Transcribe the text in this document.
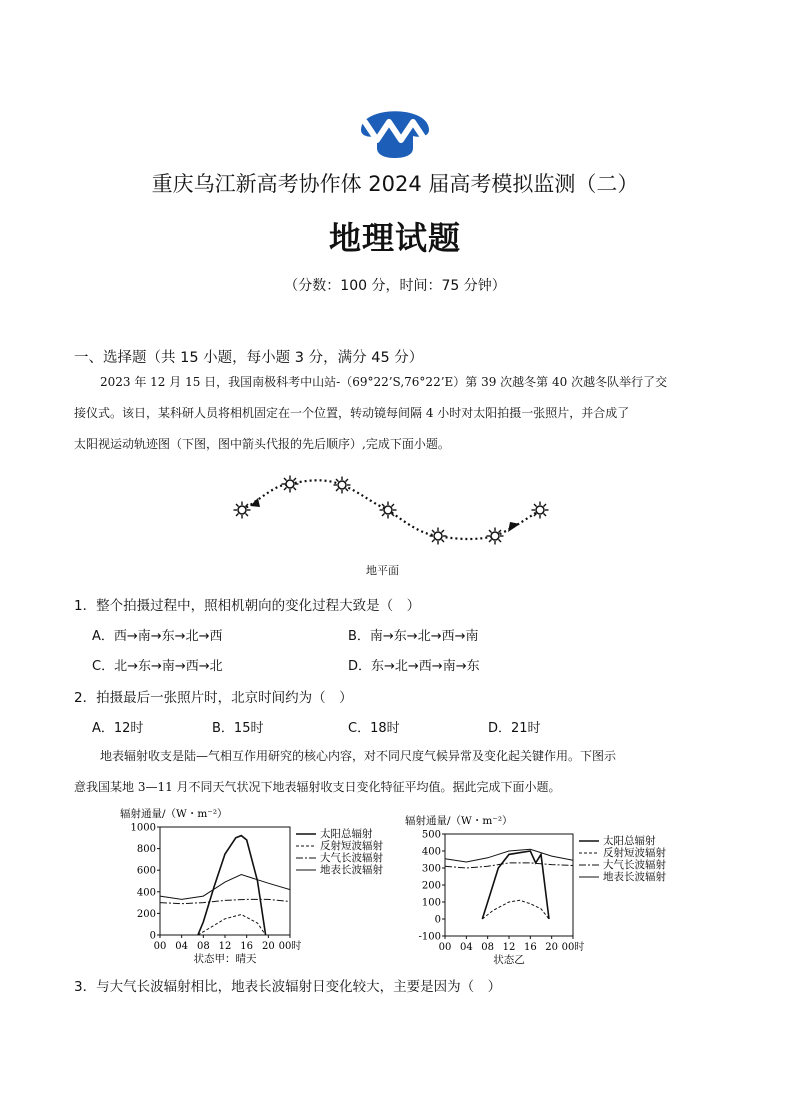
重庆乌江新高考协作体 2024 届高考模拟监测（二）
地理试题
（分数：100 分，时间：75 分钟）
一、选择题（共 15 小题，每小题 3 分，满分 45 分）
2023 年 12 月 15 日，我国南极科考中山站-（69°22’S,76°22’E）第 39 次越冬第 40 次越冬队举行了交
接仪式。该日，某科研人员将相机固定在一个位置，转动镜每间隔 4 小时对太阳拍摄一张照片，并合成了
太阳视运动轨迹图（下图，图中箭头代报的先后顺序）,完成下面小题。
地平面
1．整个拍摄过程中，照相机朝向的变化过程大致是（　）
A．西→南→东→北→西	B．南→东→北→西→南
C．北→东→南→西→北	D．东→北→西→南→东
2．拍摄最后一张照片时，北京时间约为（　）
A．12时	B．15时	C．18时	D．21时
地表辐射收支是陆—气相互作用研究的核心内容，对不同尺度气候异常及变化起关键作用。下图示
意我国某地 3—11 月不同天气状况下地表辐射收支日变化特征平均值。据此完成下面小题。
辐射通量/（W・m⁻²）
0
200
400
600
800
1000
00 04 08 12 16 20 00时
太阳总辐射
反射短波辐射
大气长波辐射
地表长波辐射
状态甲：晴天
辐射通量/（W・m⁻²）
-100
0
100
200
300
400
500
00 04 08 12 16 20 00时
太阳总辐射
反射短波辐射
大气长波辐射
地表长波辐射
状态乙
3．与大气长波辐射相比，地表长波辐射日变化较大，主要是因为（　）
